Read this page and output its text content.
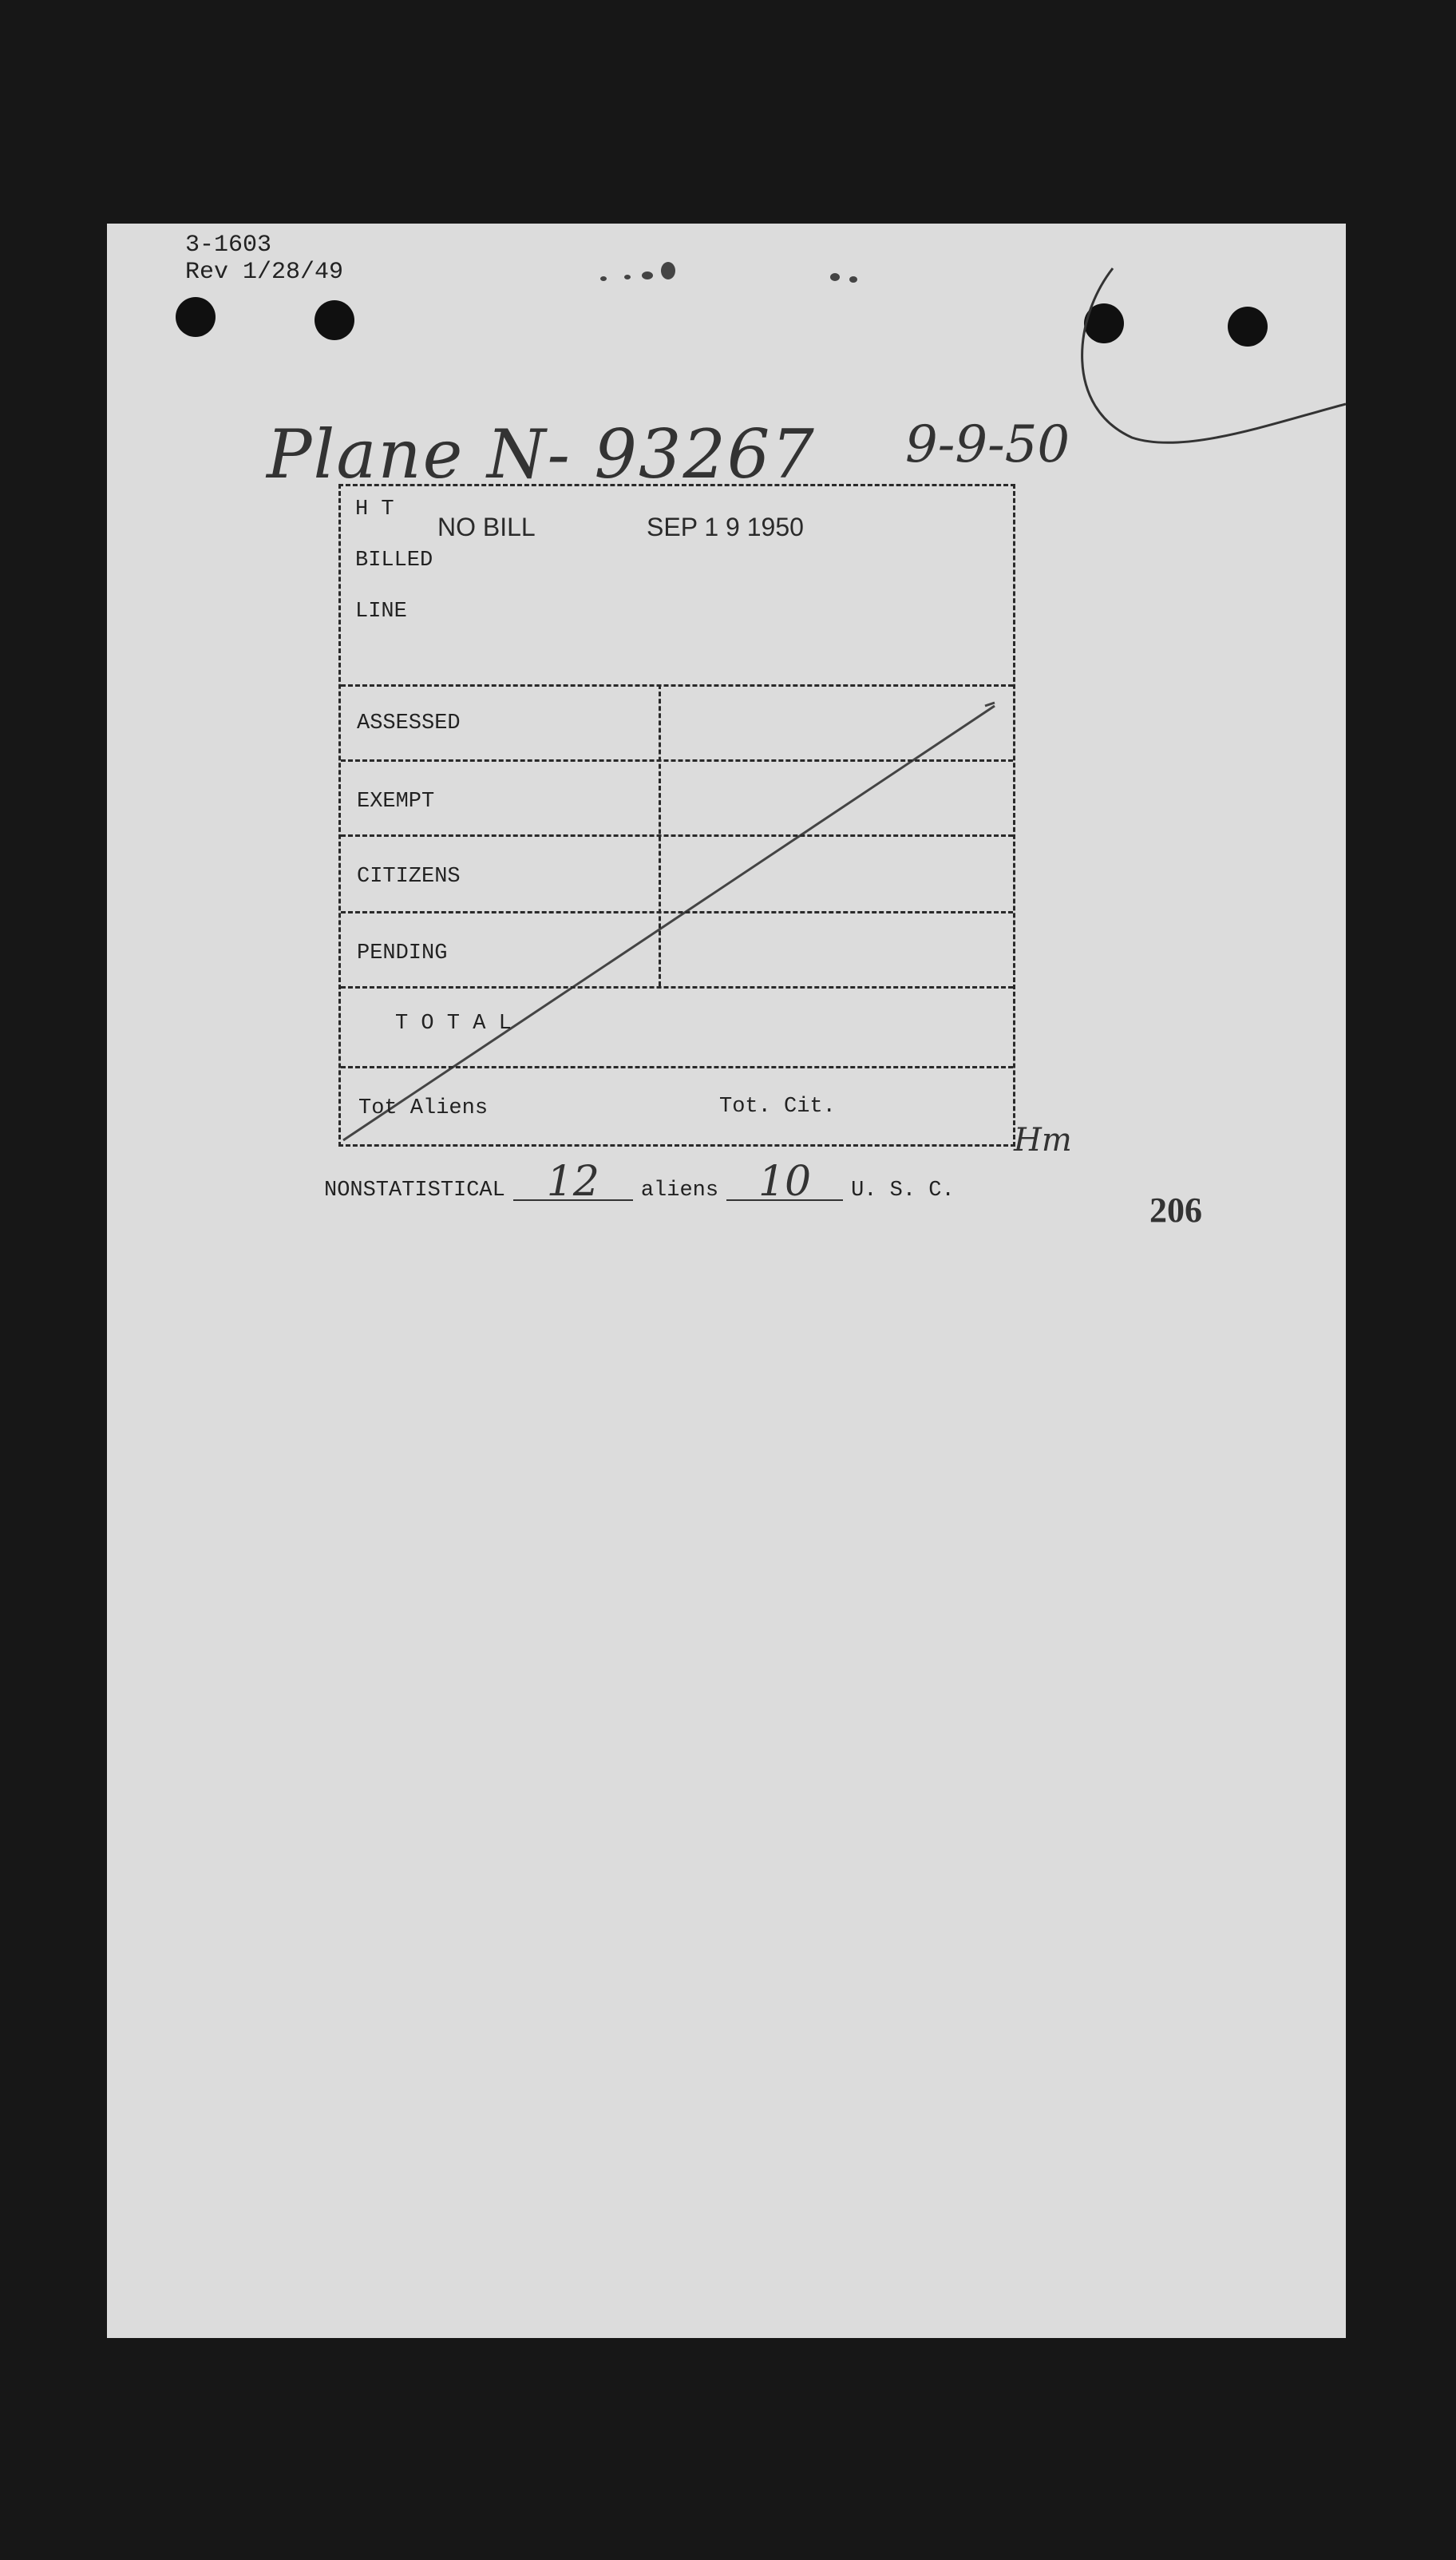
3-1603
Rev 1/28/49
Plane N- 93267 9-9-50
H T
BILLED
LINE
ASSESSED
EXEMPT
CITIZENS
PENDING
T O T A L
Tot Aliens	Tot. Cit.
NO BILL	SEP 1 9 1950
Hm
NONSTATISTICAL 12 aliens 10 U. S. C.	206
